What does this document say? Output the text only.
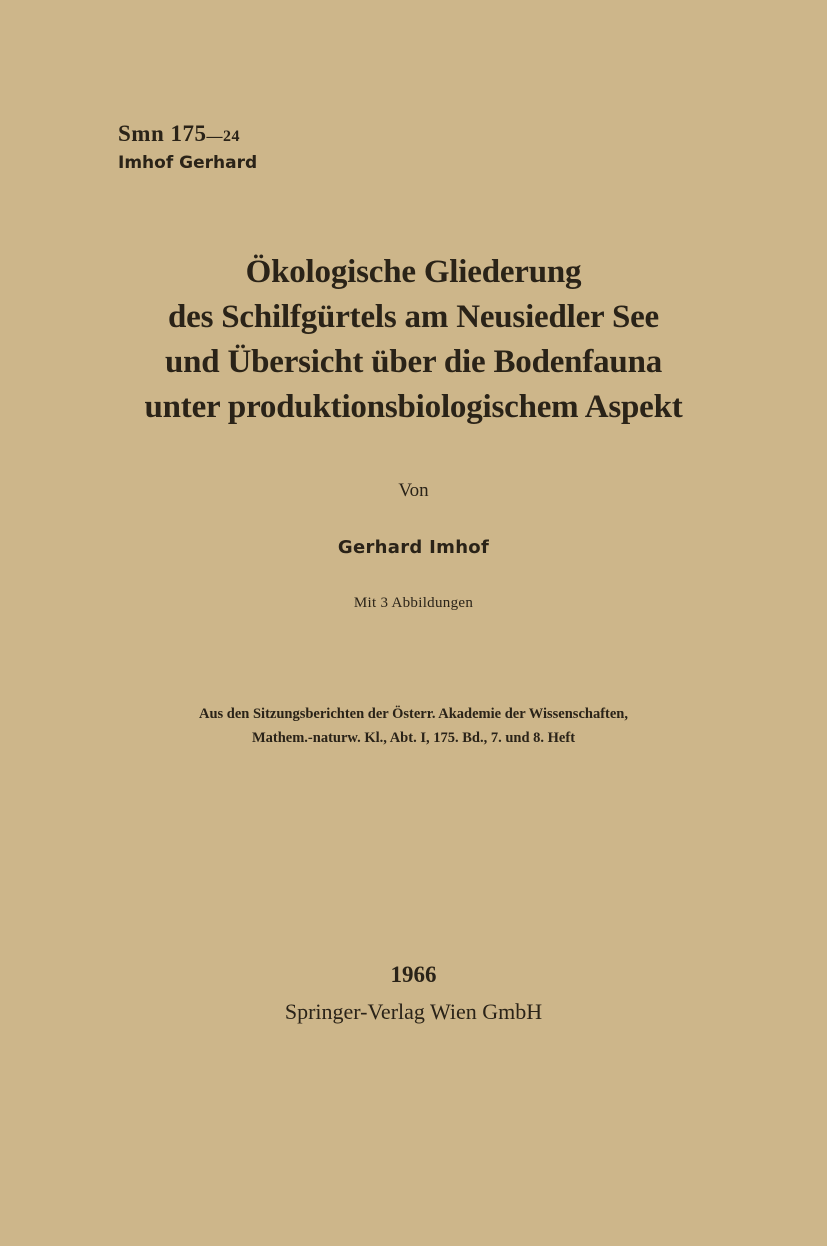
Smn 175—24
Imhof Gerhard
Ökologische Gliederung
des Schilfgürtels am Neusiedler See
und Übersicht über die Bodenfauna
unter produktionsbiologischem Aspekt
Von
Gerhard Imhof
Mit 3 Abbildungen
Aus den Sitzungsberichten der Österr. Akademie der Wissenschaften,
Mathem.-naturw. Kl., Abt. I, 175. Bd., 7. und 8. Heft
1966
Springer-Verlag Wien GmbH
